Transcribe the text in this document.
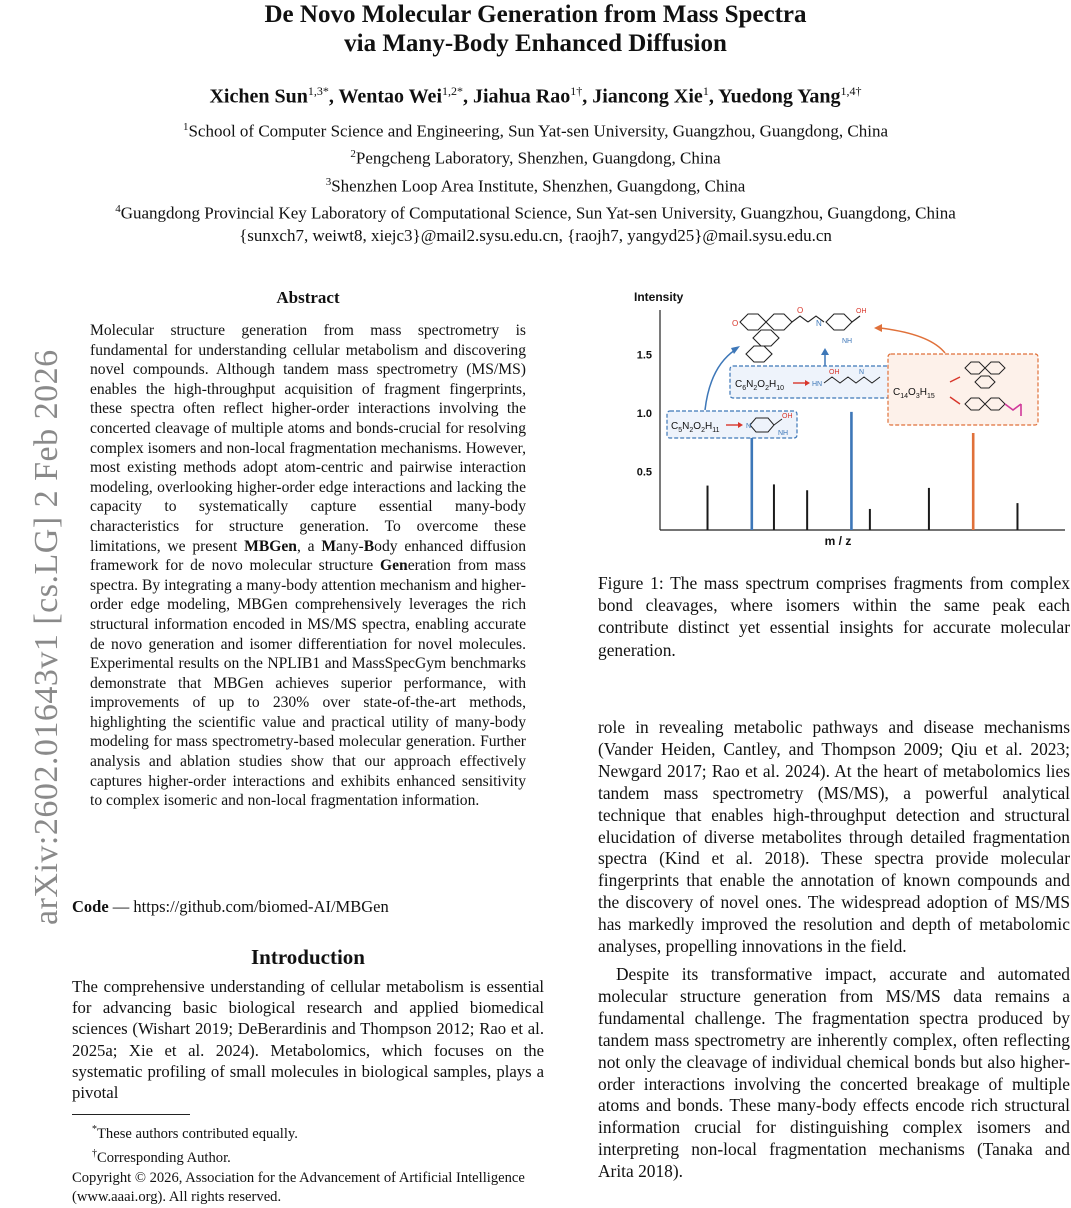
arXiv:2602.01643v1 [cs.LG] 2 Feb 2026
De Novo Molecular Generation from Mass Spectra
via Many-Body Enhanced Diffusion
Xichen Sun$^{1,3*}$, Wentao Wei$^{1,2*}$, Jiahua Rao$^{1\dagger}$, Jiancong Xie$^1$, Yuedong Yang$^{1,4\dagger}$
$^1$School of Computer Science and Engineering, Sun Yat-sen University, Guangzhou, Guangdong, China
$^2$Pengcheng Laboratory, Shenzhen, Guangdong, China
$^3$Shenzhen Loop Area Institute, Shenzhen, Guangdong, China
$^4$Guangdong Provincial Key Laboratory of Computational Science, Sun Yat-sen University, Guangzhou, Guangdong, China
{sunxch7, weiwt8, xiejc3}@mail2.sysu.edu.cn, {raojh7, yangyd25}@mail.sysu.edu.cn
Abstract
Molecular structure generation from mass spectrometry is fundamental for understanding cellular metabolism and discovering novel compounds. Although tandem mass spectrometry (MS/MS) enables the high-throughput acquisition of fragment fingerprints, these spectra often reflect higher-order interactions involving the concerted cleavage of multiple atoms and bonds-crucial for resolving complex isomers and non-local fragmentation mechanisms. However, most existing methods adopt atom-centric and pairwise interaction modeling, overlooking higher-order edge interactions and lacking the capacity to systematically capture essential many-body characteristics for structure generation. To overcome these limitations, we present MBGen, a Many-Body enhanced diffusion framework for de novo molecular structure Generation from mass spectra. By integrating a many-body attention mechanism and higher-order edge modeling, MBGen comprehensively leverages the rich structural information encoded in MS/MS spectra, enabling accurate de novo generation and isomer differentiation for novel molecules. Experimental results on the NPLIB1 and MassSpecGym benchmarks demonstrate that MBGen achieves superior performance, with improvements of up to 230% over state-of-the-art methods, highlighting the scientific value and practical utility of many-body modeling for mass spectrometry-based molecular generation. Further analysis and ablation studies show that our approach effectively captures higher-order interactions and exhibits enhanced sensitivity to complex isomeric and non-local fragmentation information.
Code — https://github.com/biomed-AI/MBGen
Introduction
The comprehensive understanding of cellular metabolism is essential for advancing basic biological research and applied biomedical sciences (Wishart 2019; DeBerardinis and Thompson 2012; Rao et al. 2025a; Xie et al. 2024). Metabolomics, which focuses on the systematic profiling of small molecules in biological samples, plays a pivotal
*These authors contributed equally.
†Corresponding Author.
Copyright © 2026, Association for the Advancement of Artificial Intelligence (www.aaai.org). All rights reserved.
Intensity
0.5
1.0
1.5
m / z
$C_5N_2O_2H_{11}$
N
OH
NH
$C_6N_2O_2H_{10}$
HN
OH	N
$C_{14}O_3H_{15}$
O
O
N
OH
NH
Figure 1: The mass spectrum comprises fragments from complex bond cleavages, where isomers within the same peak each contribute distinct yet essential insights for accurate molecular generation.

role in revealing metabolic pathways and disease mechanisms (Vander Heiden, Cantley, and Thompson 2009; Qiu et al. 2023; Newgard 2017; Rao et al. 2024). At the heart of metabolomics lies tandem mass spectrometry (MS/MS), a powerful analytical technique that enables high-throughput detection and structural elucidation of diverse metabolites through detailed fragmentation spectra (Kind et al. 2018). These spectra provide molecular fingerprints that enable the annotation of known compounds and the discovery of novel ones. The widespread adoption of MS/MS has markedly improved the resolution and depth of metabolomic analyses, propelling innovations in the field.

Despite its transformative impact, accurate and automated molecular structure generation from MS/MS data remains a fundamental challenge. The fragmentation spectra produced by tandem mass spectrometry are inherently complex, often reflecting not only the cleavage of individual chemical bonds but also higher-order interactions involving the concerted breakage of multiple atoms and bonds. These many-body effects encode rich structural information crucial for distinguishing complex isomers and interpreting non-local fragmentation mechanisms (Tanaka and Arita 2018).
